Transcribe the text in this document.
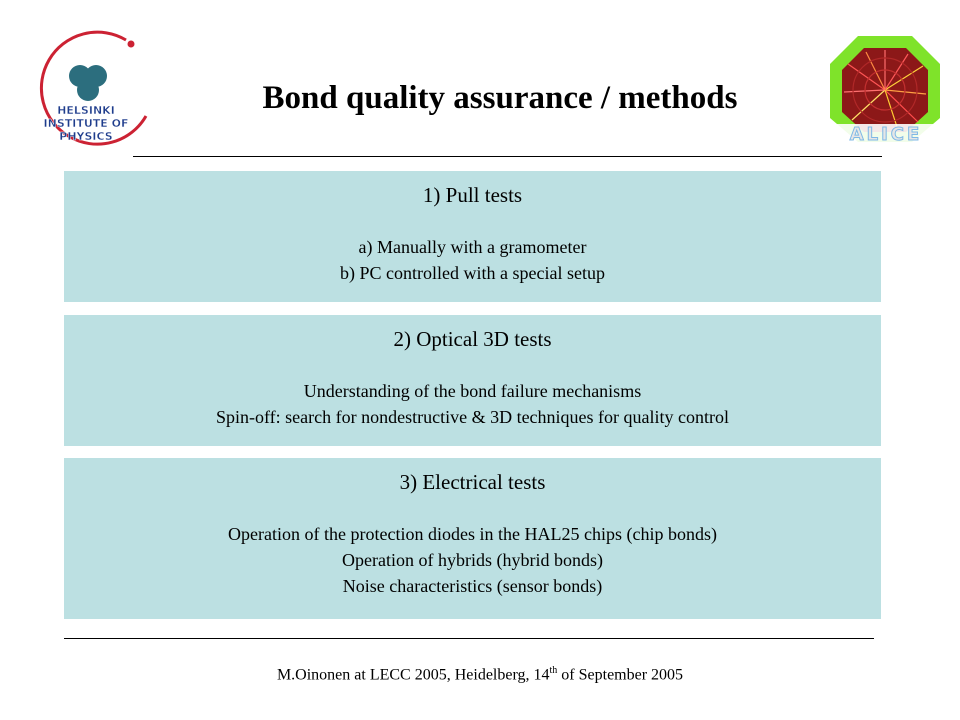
HELSINKI
INSTITUTE OF
PHYSICS	ALICE
Bond quality assurance / methods
1) Pull tests
a) Manually with a gramometer
b) PC controlled with a special setup
2) Optical 3D tests
Understanding of the bond failure mechanisms
Spin-off: search for nondestructive & 3D techniques for quality control
3) Electrical tests
Operation of the protection diodes in the HAL25 chips (chip bonds)
Operation of hybrids (hybrid bonds)
Noise characteristics (sensor bonds)
M.Oinonen at LECC 2005, Heidelberg, 14th of September 2005
